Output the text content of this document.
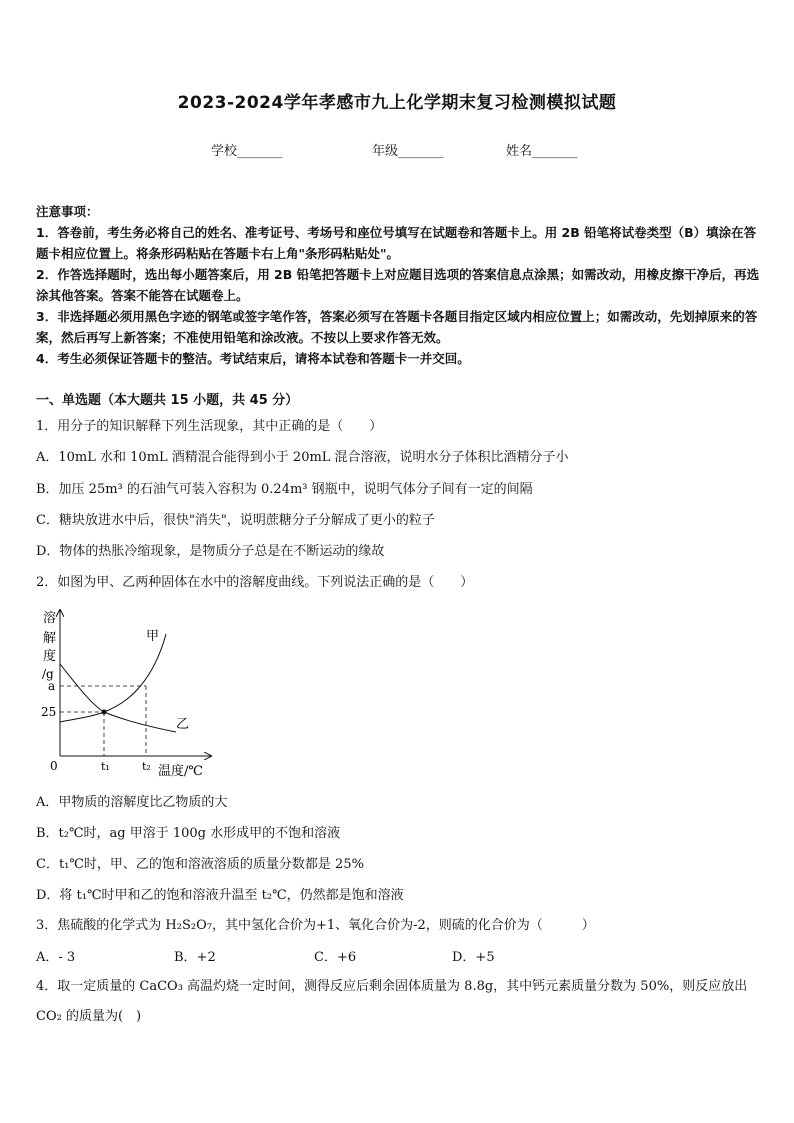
2023-2024学年孝感市九上化学期末复习检测模拟试题
学校_______	年级_______	姓名_______
注意事项：
1．答卷前，考生务必将自己的姓名、准考证号、考场号和座位号填写在试题卷和答题卡上。用 2B 铅笔将试卷类型（B）填涂在答题卡相应位置上。将条形码粘贴在答题卡右上角"条形码粘贴处"。
2．作答选择题时，选出每小题答案后，用 2B 铅笔把答题卡上对应题目选项的答案信息点涂黑；如需改动，用橡皮擦干净后，再选涂其他答案。答案不能答在试题卷上。
3．非选择题必须用黑色字迹的钢笔或签字笔作答，答案必须写在答题卡各题目指定区域内相应位置上；如需改动，先划掉原来的答案，然后再写上新答案；不准使用铅笔和涂改液。不按以上要求作答无效。
4．考生必须保证答题卡的整洁。考试结束后，请将本试卷和答题卡一并交回。
一、单选题（本大题共 15 小题，共 45 分）
1．用分子的知识解释下列生活现象，其中正确的是（　　）
A．10mL 水和 10mL 酒精混合能得到小于 20mL 混合溶液，说明水分子体积比酒精分子小
B．加压 25m³ 的石油气可装入容积为 0.24m³ 钢瓶中，说明气体分子间有一定的间隔
C．糖块放进水中后，很快"消失"，说明蔗糖分子分解成了更小的粒子
D．物体的热胀冷缩现象，是物质分子总是在不断运动的缘故
2．如图为甲、乙两种固体在水中的溶解度曲线。下列说法正确的是（　　）
溶
解
度
/g
a
25
0	t₁	t₂ 温度/℃
甲
乙
A．甲物质的溶解度比乙物质的大
B．t₂℃时，ag 甲溶于 100g 水形成甲的不饱和溶液
C．t₁℃时，甲、乙的饱和溶液溶质的质量分数都是 25%
D．将 t₁℃时甲和乙的饱和溶液升温至 t₂℃，仍然都是饱和溶液
3．焦硫酸的化学式为 H₂S₂O₇，其中氢化合价为+1、氧化合价为-2，则硫的化合价为（　　　）
A．- 3	B．+2	C．+6	D．+5
4．取一定质量的 CaCO₃ 高温灼烧一定时间，测得反应后剩余固体质量为 8.8g，其中钙元素质量分数为 50%，则反应放出 CO₂ 的质量为(　)
